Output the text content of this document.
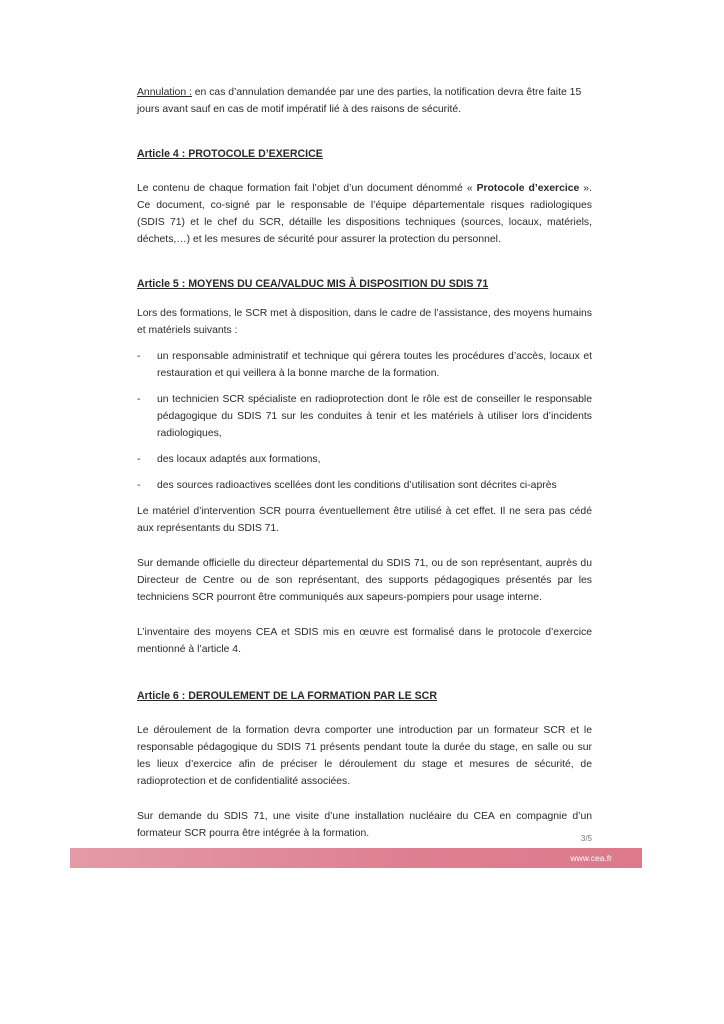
Annulation : en cas d’annulation demandée par une des parties, la notification devra être faite 15 jours avant sauf en cas de motif impératif lié à des raisons de sécurité.

Article 4 : PROTOCOLE D’EXERCICE

Le contenu de chaque formation fait l’objet d’un document dénommé « Protocole d’exercice ». Ce document, co-signé par le responsable de l’équipe départementale risques radiologiques (SDIS 71) et le chef du SCR, détaille les dispositions techniques (sources, locaux, matériels, déchets,…) et les mesures de sécurité pour assurer la protection du personnel.

Article 5 : MOYENS DU CEA/VALDUC MIS À DISPOSITION DU SDIS 71

Lors des formations, le SCR met à disposition, dans le cadre de l’assistance, des moyens humains et matériels suivants :

- un responsable administratif et technique qui gérera toutes les procédures d’accès, locaux et restauration et qui veillera à la bonne marche de la formation.
- un technicien SCR spécialiste en radioprotection dont le rôle est de conseiller le responsable pédagogique du SDIS 71 sur les conduites à tenir et les matériels à utiliser lors d’incidents radiologiques,
- des locaux adaptés aux formations,
- des sources radioactives scellées dont les conditions d’utilisation sont décrites ci-après

Le matériel d’intervention SCR pourra éventuellement être utilisé à cet effet. Il ne sera pas cédé aux représentants du SDIS 71.

Sur demande officielle du directeur départemental du SDIS 71, ou de son représentant, auprès du Directeur de Centre ou de son représentant, des supports pédagogiques présentés par les techniciens SCR pourront être communiqués aux sapeurs-pompiers pour usage interne.

L’inventaire des moyens CEA et SDIS mis en œuvre est formalisé dans le protocole d’exercice mentionné à l’article 4.

Article 6 : DEROULEMENT DE LA FORMATION PAR LE SCR

Le déroulement de la formation devra comporter une introduction par un formateur SCR et le responsable pédagogique du SDIS 71 présents pendant toute la durée du stage, en salle ou sur les lieux d’exercice afin de préciser le déroulement du stage et mesures de sécurité, de radioprotection et de confidentialité associées.

Sur demande du SDIS 71, une visite d’une installation nucléaire du CEA en compagnie d’un formateur SCR pourra être intégrée à la formation.	3/5
www.cea.fr
